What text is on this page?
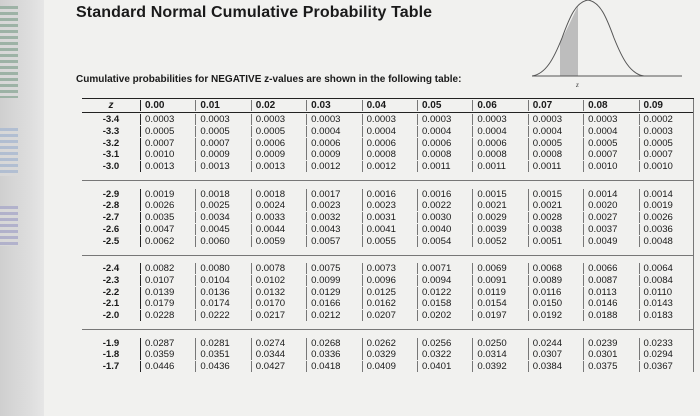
Standard Normal Cumulative Probability Table
z
Cumulative probabilities for NEGATIVE z-values are shown in the following table:
z	0.00	0.01	0.02	0.03	0.04	0.05	0.06	0.07	0.08	0.09
-3.4	0.0003	0.0003	0.0003	0.0003	0.0003	0.0003	0.0003	0.0003	0.0003	0.0002
-3.3	0.0005	0.0005	0.0005	0.0004	0.0004	0.0004	0.0004	0.0004	0.0004	0.0003
-3.2	0.0007	0.0007	0.0006	0.0006	0.0006	0.0006	0.0006	0.0005	0.0005	0.0005
-3.1	0.0010	0.0009	0.0009	0.0009	0.0008	0.0008	0.0008	0.0008	0.0007	0.0007
-3.0	0.0013	0.0013	0.0013	0.0012	0.0012	0.0011	0.0011	0.0011	0.0010	0.0010
-2.9	0.0019	0.0018	0.0018	0.0017	0.0016	0.0016	0.0015	0.0015	0.0014	0.0014
-2.8	0.0026	0.0025	0.0024	0.0023	0.0023	0.0022	0.0021	0.0021	0.0020	0.0019
-2.7	0.0035	0.0034	0.0033	0.0032	0.0031	0.0030	0.0029	0.0028	0.0027	0.0026
-2.6	0.0047	0.0045	0.0044	0.0043	0.0041	0.0040	0.0039	0.0038	0.0037	0.0036
-2.5	0.0062	0.0060	0.0059	0.0057	0.0055	0.0054	0.0052	0.0051	0.0049	0.0048
-2.4	0.0082	0.0080	0.0078	0.0075	0.0073	0.0071	0.0069	0.0068	0.0066	0.0064
-2.3	0.0107	0.0104	0.0102	0.0099	0.0096	0.0094	0.0091	0.0089	0.0087	0.0084
-2.2	0.0139	0.0136	0.0132	0.0129	0.0125	0.0122	0.0119	0.0116	0.0113	0.0110
-2.1	0.0179	0.0174	0.0170	0.0166	0.0162	0.0158	0.0154	0.0150	0.0146	0.0143
-2.0	0.0228	0.0222	0.0217	0.0212	0.0207	0.0202	0.0197	0.0192	0.0188	0.0183
-1.9	0.0287	0.0281	0.0274	0.0268	0.0262	0.0256	0.0250	0.0244	0.0239	0.0233
-1.8	0.0359	0.0351	0.0344	0.0336	0.0329	0.0322	0.0314	0.0307	0.0301	0.0294
-1.7	0.0446	0.0436	0.0427	0.0418	0.0409	0.0401	0.0392	0.0384	0.0375	0.0367
